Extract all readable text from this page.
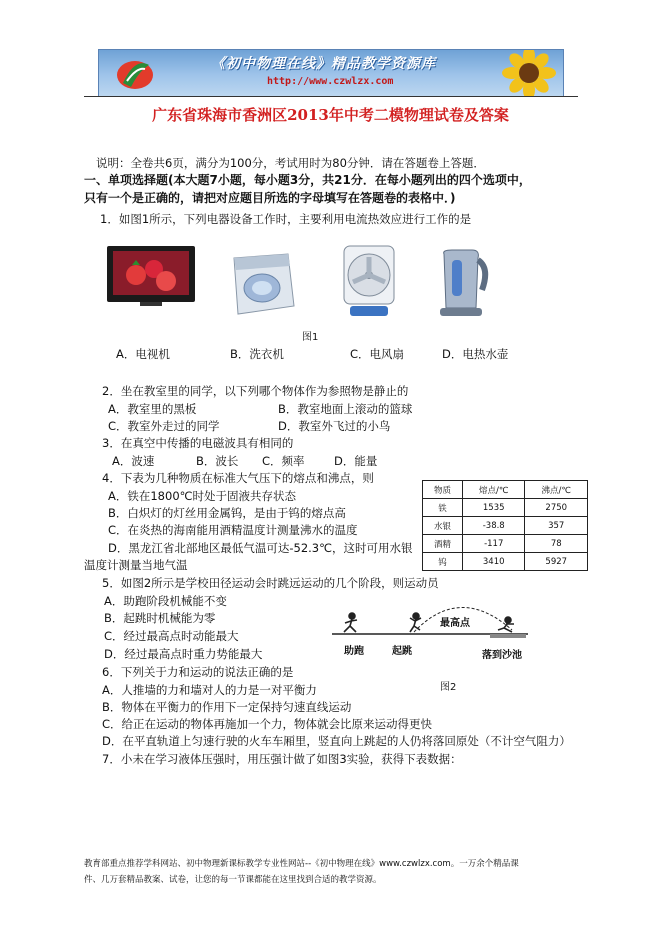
《初中物理在线》精品教学资源库
http://www.czwlzx.com
广东省珠海市香洲区2013年中考二模物理试卷及答案
说明：全卷共6页，满分为100分，考试用时为80分钟．请在答题卷上答题．
一、单项选择题(本大题7小题，每小题3分，共21分．在每小题列出的四个选项中，
只有一个是正确的，请把对应题目所选的字母填写在答题卷的表格中．)
1．如图1所示，下列电器设备工作时，主要利用电流热效应进行工作的是
图1
A．电视机	B．洗衣机	C．电风扇	D．电热水壶
2．坐在教室里的同学，以下列哪个物体作为参照物是静止的
A．教室里的黑板	B．教室地面上滚动的篮球
C．教室外走过的同学	D．教室外飞过的小鸟
3．在真空中传播的电磁波具有相同的
A．波速	B．波长 C．频率	D．能量
4．下表为几种物质在标准大气压下的熔点和沸点，则
A．铁在1800℃时处于固液共存状态
B．白炽灯的灯丝用金属钨，是由于钨的熔点高
C．在炎热的海南能用酒精温度计测量沸水的温度
D．黑龙江省北部地区最低气温可达-52.3℃，这时可用水银
温度计测量当地气温
物质	熔点/℃	沸点/℃
铁	1535	2750
水银	-38.8	357
酒精	-117	78
钨	3410	5927
5．如图2所示是学校田径运动会时跳远运动的几个阶段，则运动员
A．助跑阶段机械能不变
B．起跳时机械能为零
C．经过最高点时动能最大
D．经过最高点时重力势能最大	助跑	起跳
最高点
落到沙池
图2
6．下列关于力和运动的说法正确的是
A．人推墙的力和墙对人的力是一对平衡力
B．物体在平衡力的作用下一定保持匀速直线运动
C．给正在运动的物体再施加一个力，物体就会比原来运动得更快
D．在平直轨道上匀速行驶的火车车厢里，竖直向上跳起的人仍将落回原处（不计空气阻力）
7．小未在学习液体压强时，用压强计做了如图3实验，获得下表数据：
教育部重点推荐学科网站、初中物理新课标教学专业性网站--《初中物理在线》www.czwlzx.com。一万余个精品课
件、几万套精品教案、试卷，让您的每一节课都能在这里找到合适的教学资源。
